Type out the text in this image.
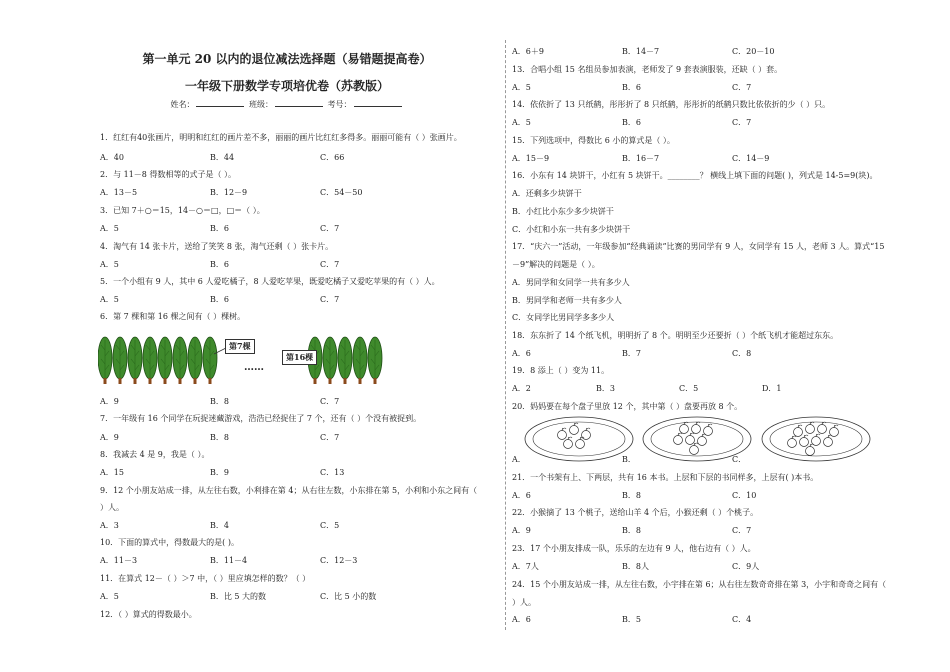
第一单元 20 以内的退位减法选择题（易错题提高卷）
一年级下册数学专项培优卷（苏教版）
姓名：	班级：	考号：
1．红红有40张画片，明明和红红的画片差不多，丽丽的画片比红红多得多。丽丽可能有（ ）张画片。
A．40	B．44	C．66
2．与 11－8 得数相等的式子是（ ）。
A．13－5	B．12－9	C．54－50
3．已知 7＋○＝15，14－○＝□，□＝（ ）。
A．5	B．6	C．7
4．淘气有 14 张卡片，送给了笑笑 8 张，淘气还剩（ ）张卡片。
A．5	B．6	C．7
5．一个小组有 9 人，其中 6 人爱吃橘子，8 人爱吃苹果，既爱吃橘子又爱吃苹果的有（ ）人。
A．5	B．6	C．7
6．第 7 棵和第 16 棵之间有（ ）棵树。
第7棵
第16棵
……
A．9	B．8	C．7
7．一年级有 16 个同学在玩捉迷藏游戏，浩浩已经捉住了 7 个，还有（ ）个没有被捉到。
A．9	B．8	C．7
8．我减去 4 是 9，我是（ ）。
A．15	B．9	C．13
9．12 个小朋友站成一排，从左往右数，小利排在第 4；从右往左数，小东排在第 5，小利和小东之间有（
）人。
A．3	B．4	C．5
10．下面的算式中，得数最大的是( )。
A．11－3	B．11－4	C．12－3
11．在算式 12－（ ）＞7 中，（ ）里应填怎样的数？（ ）
A．5	B．比 5 大的数	C．比 5 小的数
12．（ ）算式的得数最小。
A．6＋9	B．14－7	C．20－10
13．合唱小组 15 名组员参加表演，老师发了 9 套表演服装，还缺（ ）套。
A．5	B．6	C．7
14．依依折了 13 只纸鹤，彤彤折了 8 只纸鹤，彤彤折的纸鹤只数比依依折的少（ ）只。
A．5	B．6	C．7
15．下列选项中，得数比 6 小的算式是（ ）。
A．15－9	B．16－7	C．14－9
16．小东有 14 块饼干，小红有 5 块饼干。________？ 横线上填下面的问题( )，列式是 14-5=9(块)。
A．还剩多少块饼干
B．小红比小东少多少块饼干
C．小红和小东一共有多少块饼干
17．“庆六一”活动，一年级参加“经典诵读”比赛的男同学有 9 人，女同学有 15 人，老师 3 人。算式“15
－9”解决的问题是（ ）。
A．男同学和女同学一共有多少人
B．男同学和老师一共有多少人
C．女同学比男同学多多少人
18．东东折了 14 个纸飞机，明明折了 8 个。明明至少还要折（ ）个纸飞机才能超过东东。
A．6	B．7	C．8
19．8 添上（ ）变为 11。
A．2	B．3	C．5	D．1
20．妈妈要在每个盘子里放 12 个，其中第（ ）盘要再放 8 个。
A．	B．	C．
21．一个书架有上、下两层，共有 16 本书。上层和下层的书同样多，上层有( )本书。
A．6	B．8	C．10
22．小猴摘了 13 个桃子，送给山羊 4 个后，小猴还剩（ ）个桃子。
A．9	B．8	C．7
23．17 个小朋友排成一队，乐乐的左边有 9 人，他右边有（ ）人。
A．7人	B．8人	C．9人
24．15 个小朋友站成一排，从左往右数，小宇排在第 6；从右往左数奇奇排在第 3，小宇和奇奇之间有（
）人。
A．6	B．5	C．4
